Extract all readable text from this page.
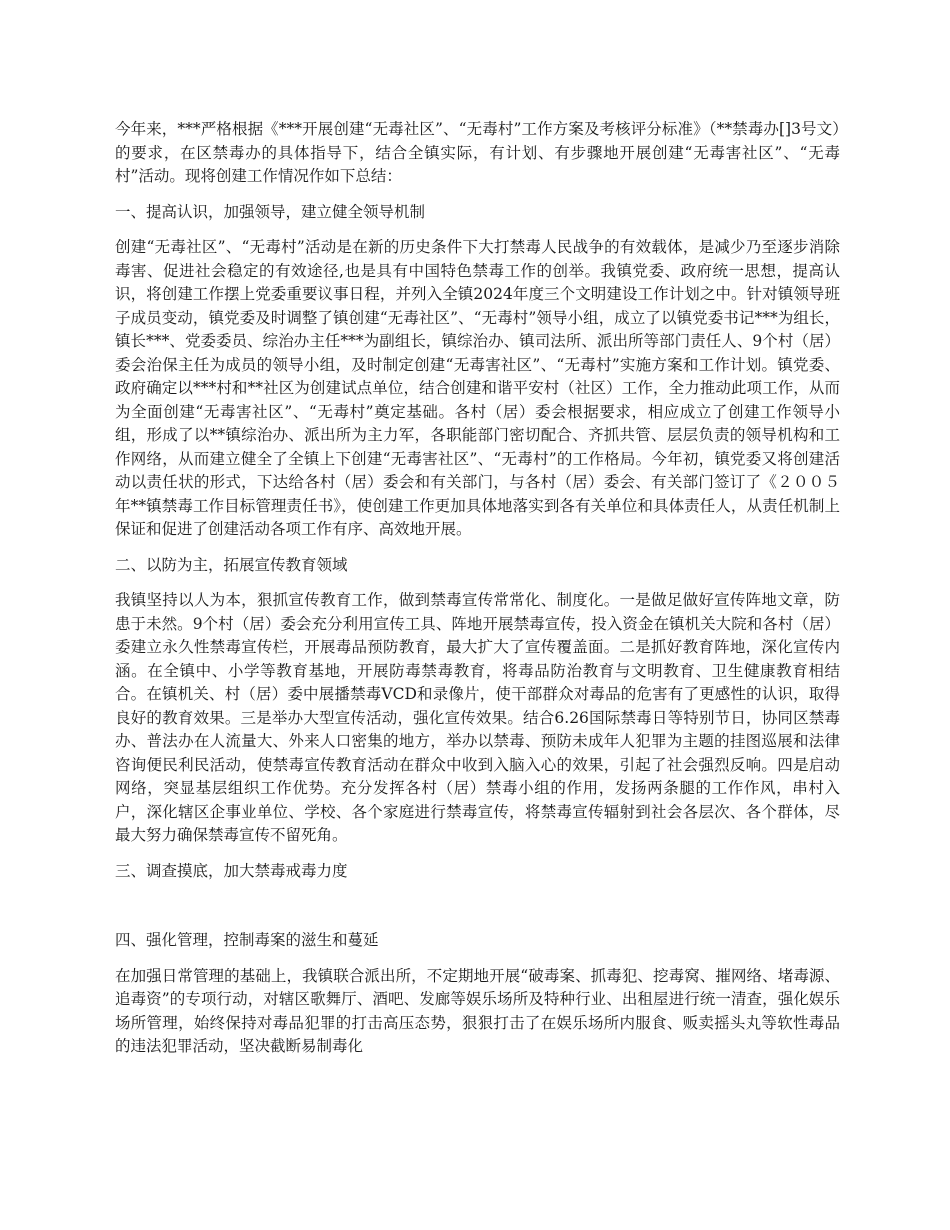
今年来，***严格根据《***开展创建“无毒社区”、“无毒村”工作方案及考核评分标准》（**禁毒办[]3号文）的要求，在区禁毒办的具体指导下，结合全镇实际，有计划、有步骤地开展创建“无毒害社区”、“无毒村”活动。现将创建工作情况作如下总结：

一、提高认识，加强领导，建立健全领导机制

创建“无毒社区”、“无毒村”活动是在新的历史条件下大打禁毒人民战争的有效载体，是减少乃至逐步消除毒害、促进社会稳定的有效途径,也是具有中国特色禁毒工作的创举。我镇党委、政府统一思想，提高认识，将创建工作摆上党委重要议事日程，并列入全镇2024年度三个文明建设工作计划之中。针对镇领导班子成员变动，镇党委及时调整了镇创建“无毒社区”、“无毒村”领导小组，成立了以镇党委书记***为组长，镇长***、党委委员、综治办主任***为副组长，镇综治办、镇司法所、派出所等部门责任人、9个村（居）委会治保主任为成员的领导小组，及时制定创建“无毒害社区”、“无毒村”实施方案和工作计划。镇党委、政府确定以***村和**社区为创建试点单位，结合创建和谐平安村（社区）工作，全力推动此项工作，从而为全面创建“无毒害社区”、“无毒村”奠定基础。各村（居）委会根据要求，相应成立了创建工作领导小组，形成了以**镇综治办、派出所为主力军，各职能部门密切配合、齐抓共管、层层负责的领导机构和工作网络，从而建立健全了全镇上下创建“无毒害社区”、“无毒村”的工作格局。今年初，镇党委又将创建活动以责任状的形式，下达给各村（居）委会和有关部门，与各村（居）委会、有关部门签订了《２００５年**镇禁毒工作目标管理责任书》，使创建工作更加具体地落实到各有关单位和具体责任人，从责任机制上保证和促进了创建活动各项工作有序、高效地开展。

二、以防为主，拓展宣传教育领域

我镇坚持以人为本，狠抓宣传教育工作，做到禁毒宣传常常化、制度化。一是做足做好宣传阵地文章，防患于未然。9个村（居）委会充分利用宣传工具、阵地开展禁毒宣传，投入资金在镇机关大院和各村（居）委建立永久性禁毒宣传栏，开展毒品预防教育，最大扩大了宣传覆盖面。二是抓好教育阵地，深化宣传内涵。在全镇中、小学等教育基地，开展防毒禁毒教育，将毒品防治教育与文明教育、卫生健康教育相结合。在镇机关、村（居）委中展播禁毒VCD和录像片，使干部群众对毒品的危害有了更感性的认识，取得良好的教育效果。三是举办大型宣传活动，强化宣传效果。结合6.26国际禁毒日等特别节日，协同区禁毒办、普法办在人流量大、外来人口密集的地方，举办以禁毒、预防未成年人犯罪为主题的挂图巡展和法律咨询便民利民活动，使禁毒宣传教育活动在群众中收到入脑入心的效果，引起了社会强烈反响。四是启动网络，突显基层组织工作优势。充分发挥各村（居）禁毒小组的作用，发扬两条腿的工作作风，串村入户，深化辖区企事业单位、学校、各个家庭进行禁毒宣传，将禁毒宣传辐射到社会各层次、各个群体，尽最大努力确保禁毒宣传不留死角。

三、调查摸底，加大禁毒戒毒力度
四、强化管理，控制毒案的滋生和蔓延

在加强日常管理的基础上，我镇联合派出所，不定期地开展“破毒案、抓毒犯、挖毒窝、摧网络、堵毒源、追毒资”的专项行动，对辖区歌舞厅、酒吧、发廊等娱乐场所及特种行业、出租屋进行统一清查，强化娱乐场所管理，始终保持对毒品犯罪的打击高压态势，狠狠打击了在娱乐场所内服食、贩卖摇头丸等软性毒品的违法犯罪活动，坚决截断易制毒化
